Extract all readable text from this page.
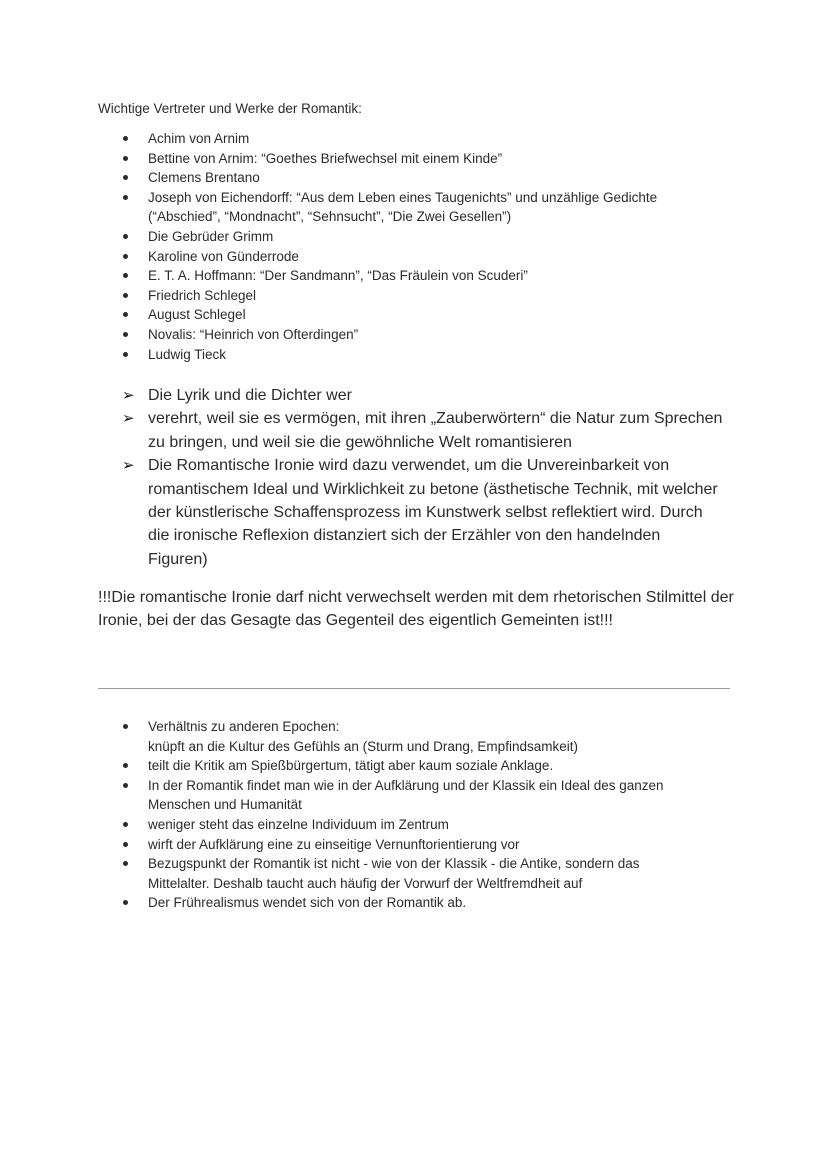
Wichtige Vertreter und Werke der Romantik:
Achim von Arnim
Bettine von Arnim: “Goethes Briefwechsel mit einem Kinde”
Clemens Brentano
Joseph von Eichendorff: “Aus dem Leben eines Taugenichts” und unzählige Gedichte (“Abschied”, “Mondnacht”, “Sehnsucht”, “Die Zwei Gesellen”)
Die Gebrüder Grimm
Karoline von Günderrode
E. T. A. Hoffmann: “Der Sandmann”, “Das Fräulein von Scuderi”
Friedrich Schlegel
August Schlegel
Novalis: “Heinrich von Ofterdingen”
Ludwig Tieck
➢ Die Lyrik und die Dichter wer
➢ verehrt, weil sie es vermögen, mit ihren „Zauberwörtern“ die Natur zum Sprechen zu bringen, und weil sie die gewöhnliche Welt romantisieren
➢ Die Romantische Ironie wird dazu verwendet, um die Unvereinbarkeit von romantischem Ideal und Wirklichkeit zu betone (ästhetische Technik, mit welcher der künstlerische Schaffensprozess im Kunstwerk selbst reflektiert wird. Durch die ironische Reflexion distanziert sich der Erzähler von den handelnden Figuren)
!!!Die romantische Ironie darf nicht verwechselt werden mit dem rhetorischen Stilmittel der Ironie, bei der das Gesagte das Gegenteil des eigentlich Gemeinten ist!!!
Verhältnis zu anderen Epochen:
knüpft an die Kultur des Gefühls an (Sturm und Drang, Empfindsamkeit)
teilt die Kritik am Spießbürgertum, tätigt aber kaum soziale Anklage.
In der Romantik findet man wie in der Aufklärung und der Klassik ein Ideal des ganzen Menschen und Humanität
weniger steht das einzelne Individuum im Zentrum
wirft der Aufklärung eine zu einseitige Vernunftorientierung vor
Bezugspunkt der Romantik ist nicht - wie von der Klassik - die Antike, sondern das Mittelalter. Deshalb taucht auch häufig der Vorwurf der Weltfremdheit auf
Der Frührealismus wendet sich von der Romantik ab.
